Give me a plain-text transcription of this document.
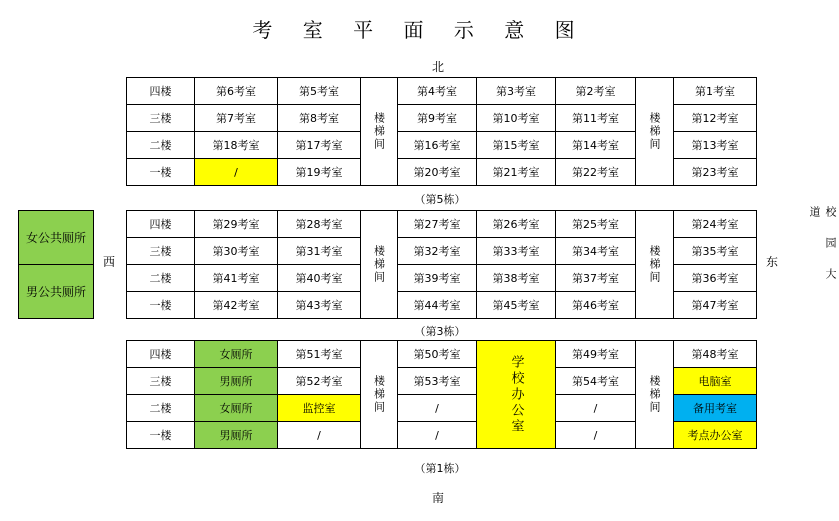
考 室 平 面 示 意 图
北
四楼	第6考室	第5考室	楼梯间	第4考室	第3考室	第2考室	楼梯间	第1考室
三楼	第7考室	第8考室		第9考室	第10考室	第11考室		第12考室
二楼	第18考室	第17考室		第16考室	第15考室	第14考室		第13考室
一楼	/	第19考室		第20考室	第21考室	第22考室		第23考室
（第5栋）
女公共厕所
男公共厕所
西	东	校园大道
四楼	第29考室	第28考室	楼梯间	第27考室	第26考室	第25考室	楼梯间	第24考室
三楼	第30考室	第31考室		第32考室	第33考室	第34考室		第35考室
二楼	第41考室	第40考室		第39考室	第38考室	第37考室		第36考室
一楼	第42考室	第43考室		第44考室	第45考室	第46考室		第47考室
（第3栋）
四楼	女厕所	第51考室	楼梯间	第50考室	学校办公室	第49考室	楼梯间	第48考室
三楼	男厕所	第52考室		第53考室		第54考室		电脑室
二楼	女厕所	监控室		/		/		备用考室
一楼	男厕所	/		/		/		考点办公室
（第1栋）
南
